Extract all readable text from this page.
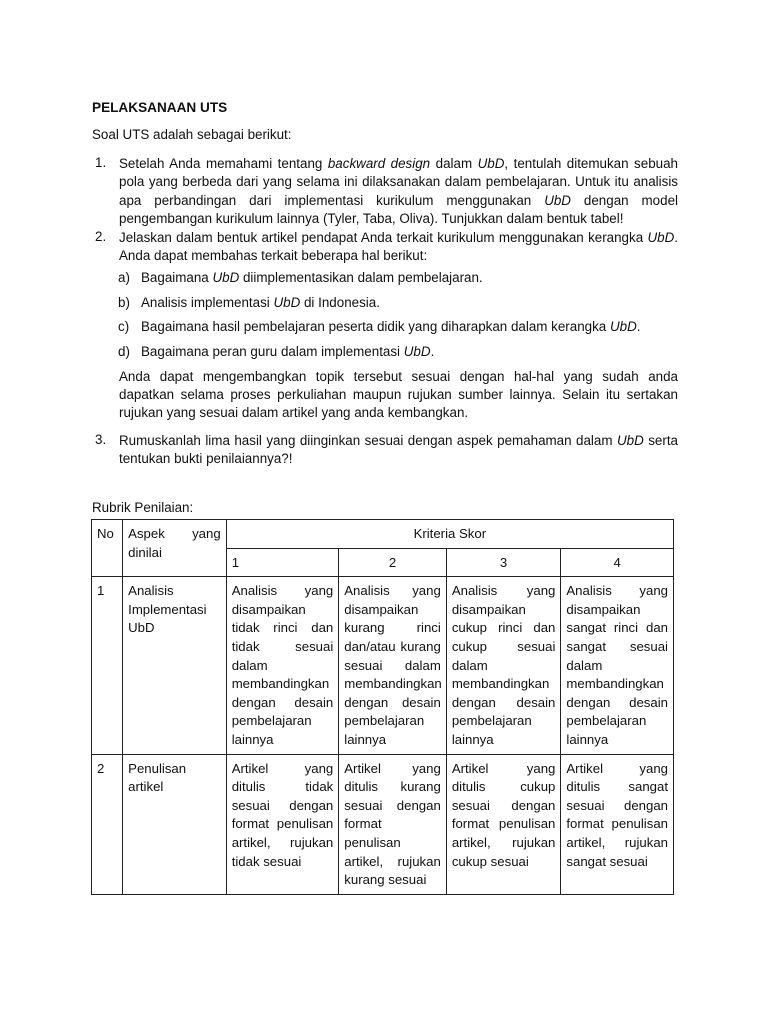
PELAKSANAAN UTS
Soal UTS adalah sebagai berikut:
1. Setelah Anda memahami tentang backward design dalam UbD, tentulah ditemukan sebuah pola yang berbeda dari yang selama ini dilaksanakan dalam pembelajaran. Untuk itu analisis apa perbandingan dari implementasi kurikulum menggunakan UbD dengan model pengembangan kurikulum lainnya (Tyler, Taba, Oliva). Tunjukkan dalam bentuk tabel!
2. Jelaskan dalam bentuk artikel pendapat Anda terkait kurikulum menggunakan kerangka UbD. Anda dapat membahas terkait beberapa hal berikut:
a) Bagaimana UbD diimplementasikan dalam pembelajaran.
b) Analisis implementasi UbD di Indonesia.
c) Bagaimana hasil pembelajaran peserta didik yang diharapkan dalam kerangka UbD.
d) Bagaimana peran guru dalam implementasi UbD.
Anda dapat mengembangkan topik tersebut sesuai dengan hal-hal yang sudah anda dapatkan selama proses perkuliahan maupun rujukan sumber lainnya. Selain itu sertakan rujukan yang sesuai dalam artikel yang anda kembangkan.
3. Rumuskanlah lima hasil yang diinginkan sesuai dengan aspek pemahaman dalam UbD serta tentukan bukti penilaiannya?!
Rubrik Penilaian:
No	Aspek yang dinilai	Kriteria Skor			
		1	2	3	4
1	Analisis Implementasi UbD	Analisis yang disampaikan tidak rinci dan tidak sesuai dalam membandingkan dengan desain pembelajaran lainnya	Analisis yang disampaikan kurang rinci dan/atau kurang sesuai dalam membandingkan dengan desain pembelajaran lainnya	Analisis yang disampaikan cukup rinci dan cukup sesuai dalam membandingkan dengan desain pembelajaran lainnya	Analisis yang disampaikan sangat rinci dan sangat sesuai dalam membandingkan dengan desain pembelajaran lainnya
2	Penulisan artikel	Artikel yang ditulis tidak sesuai dengan format penulisan artikel, rujukan tidak sesuai	Artikel yang ditulis kurang sesuai dengan format penulisan artikel, rujukan kurang sesuai	Artikel yang ditulis cukup sesuai dengan format penulisan artikel, rujukan cukup sesuai	Artikel yang ditulis sangat sesuai dengan format penulisan artikel, rujukan sangat sesuai
